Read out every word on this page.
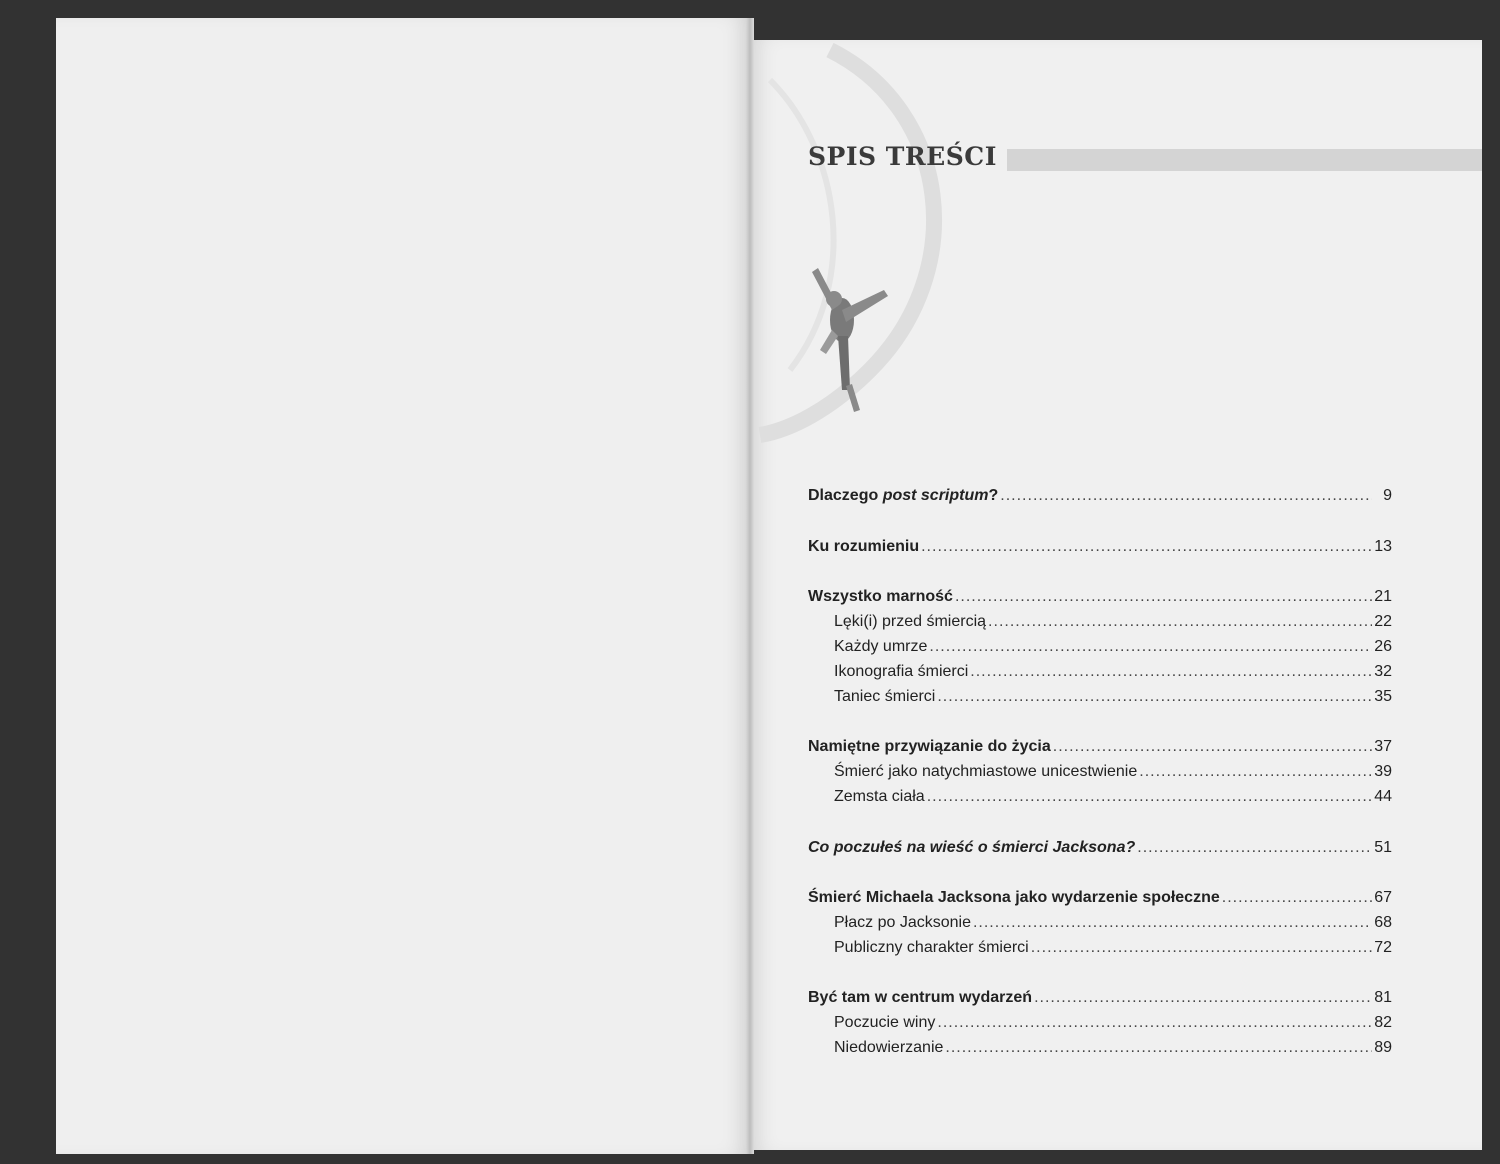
SPIS TREŚCI
Dlaczego post scriptum? .....	9
Ku rozumieniu .....	13
Wszystko marność .....	21
Lęki(i) przed śmiercią .....	22
Każdy umrze .....	26
Ikonografia śmierci .....	32
Taniec śmierci .....	35
Namiętne przywiązanie do życia .....	37
Śmierć jako natychmiastowe unicestwienie .....	39
Zemsta ciała .....	44
Co poczułeś na wieść o śmierci Jacksona? .....	51
Śmierć Michaela Jacksona jako wydarzenie społeczne .....	67
Płacz po Jacksonie .....	68
Publiczny charakter śmierci .....	72
Być tam w centrum wydarzeń .....	81
Poczucie winy .....	82
Niedowierzanie .....	89
